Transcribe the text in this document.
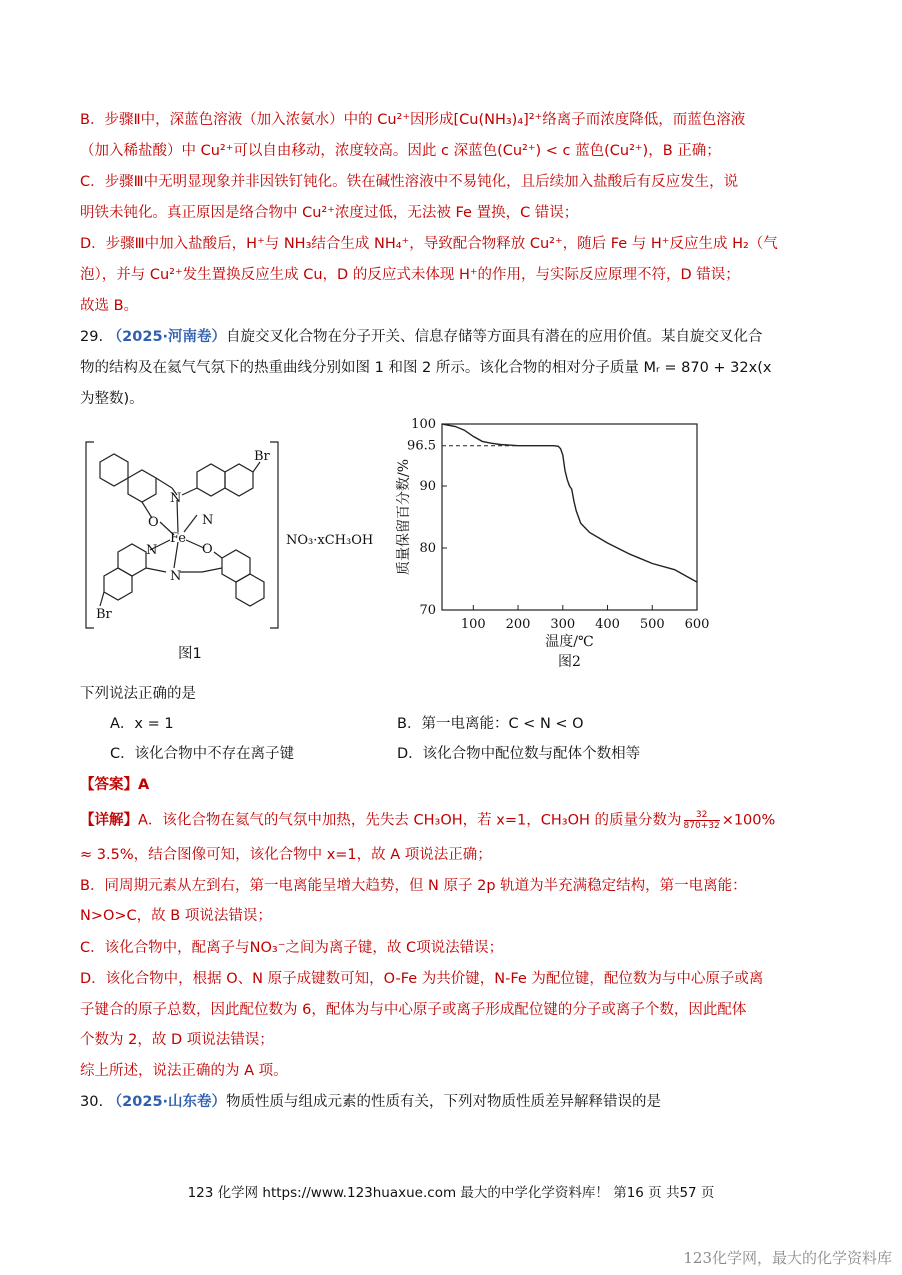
B．步骤Ⅱ中，深蓝色溶液（加入浓氨水）中的 Cu²⁺因形成[Cu(NH₃)₄]²⁺络离子而浓度降低，而蓝色溶液
（加入稀盐酸）中 Cu²⁺可以自由移动，浓度较高。因此 c 深蓝色(Cu²⁺) < c 蓝色(Cu²⁺)，B 正确；
C．步骤Ⅲ中无明显现象并非因铁钉钝化。铁在碱性溶液中不易钝化，且后续加入盐酸后有反应发生，说
明铁未钝化。真正原因是络合物中 Cu²⁺浓度过低，无法被 Fe 置换，C 错误；
D．步骤Ⅲ中加入盐酸后，H⁺与 NH₃结合生成 NH₄⁺，导致配合物释放 Cu²⁺，随后 Fe 与 H⁺反应生成 H₂（气
泡），并与 Cu²⁺发生置换反应生成 Cu，D 的反应式未体现 H⁺的作用，与实际反应原理不符，D 错误；
故选 B。
29. （2025·河南卷）自旋交叉化合物在分子开关、信息存储等方面具有潜在的应用价值。某自旋交叉化合
物的结构及在氦气气氛下的热重曲线分别如图 1 和图 2 所示。该化合物的相对分子质量 Mᵣ = 870 + 32x(x
为整数)。
N
O	N
Fe
N	O
N
Br
Br
NO₃·xCH₃OH
图1
100 200 300 400 500 600
70
80
90
100
96.5
温度/℃
质量保留百分数/%
图2
下列说法正确的是
A．x = 1	B．第一电离能：C < N < O
C．该化合物中不存在离子键	D．该化合物中配位数与配体个数相等
【答案】A
【详解】A．该化合物在氦气的气氛中加热，先失去 CH₃OH，若 x=1，CH₃OH 的质量分数为 $\frac{32}{870+32} \times 100\%$
≈ 3.5%，结合图像可知，该化合物中 x=1，故 A 项说法正确；
B．同周期元素从左到右，第一电离能呈增大趋势，但 N 原子 2p 轨道为半充满稳定结构，第一电离能：
N>O>C，故 B 项说法错误；
C．该化合物中，配离子与NO₃⁻之间为离子键，故 C项说法错误；
D．该化合物中，根据 O、N 原子成键数可知，O-Fe 为共价键，N-Fe 为配位键，配位数为与中心原子或离
子键合的原子总数，因此配位数为 6，配体为与中心原子或离子形成配位键的分子或离子个数，因此配体
个数为 2，故 D 项说法错误；
综上所述，说法正确的为 A 项。
30. （2025·山东卷）物质性质与组成元素的性质有关，下列对物质性质差异解释错误的是
123 化学网 https://www.123huaxue.com 最大的中学化学资料库！ 第16 页 共57 页
123化学网，最大的化学资料库
